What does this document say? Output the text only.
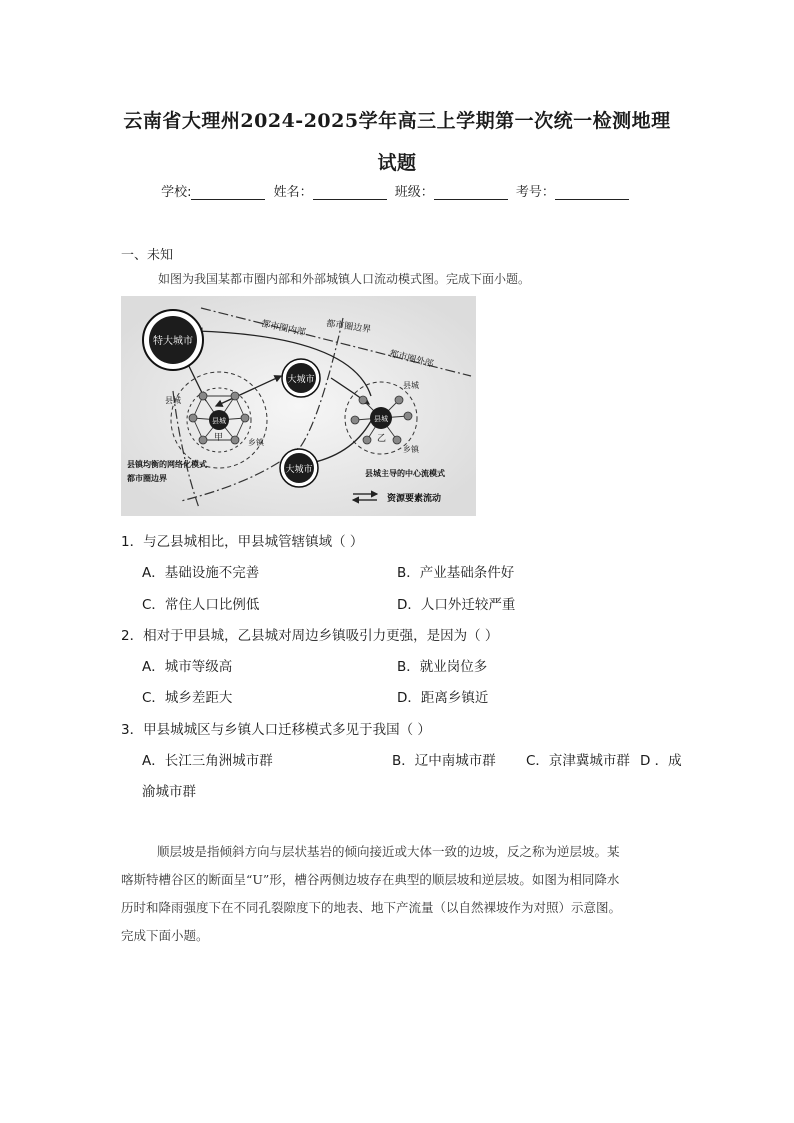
云南省大理州2024-2025学年高三上学期第一次统一检测地理
试题
学校:	姓名：	班级：	考号：
一、未知
如图为我国某都市圈内部和外部城镇人口流动模式图。完成下面小题。
特大城市
都市圈内部 都市圈边界
都市圈外部
大城市
大城市
县城
县城
甲	乡镇
县城
县城
乙
乡镇
县镇均衡的网络化模式
都市圈边界
县城主导的中心流模式
资源要素流动
1．与乙县城相比，甲县城管辖镇域（ ）
A．基础设施不完善	B．产业基础条件好
C．常住人口比例低	D．人口外迁较严重
2．相对于甲县城，乙县城对周边乡镇吸引力更强，是因为（ ）
A．城市等级高	B．就业岗位多
C．城乡差距大	D．距离乡镇近
3．甲县城城区与乡镇人口迁移模式多见于我国（ ）
A．长江三角洲城市群	B．辽中南城市群 C．京津冀城市群 D ．成
渝城市群

顺层坡是指倾斜方向与层状基岩的倾向接近或大体一致的边坡，反之称为逆层坡。某

喀斯特槽谷区的断面呈“U”形，槽谷两侧边坡存在典型的顺层坡和逆层坡。如图为相同降水

历时和降雨强度下在不同孔裂隙度下的地表、地下产流量（以自然裸坡作为对照）示意图。

完成下面小题。
